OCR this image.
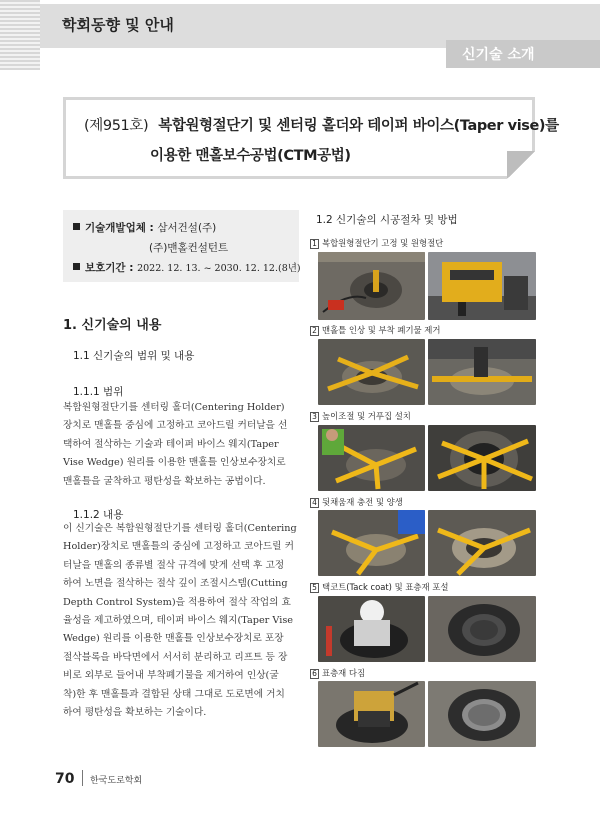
학회동향 및 안내
신기술 소개
(제951호) 복합원형절단기 및 센터링 홀더와 테이퍼 바이스(Taper vise)를
이용한 맨홀보수공법(CTM공법)
기술개발업체 : 삼서건설(주)
(주)맨홀컨설턴트
보호기간 : 2022. 12. 13. ~ 2030. 12. 12.(8년)
1. 신기술의 내용
1.1 신기술의 범위 및 내용
1.1.1 범위
복합원형절단기를 센터링 홀더(Centering Holder)
장치로 맨홀틀 중심에 고정하고 코아드릴 커터날을 선
택하여 절삭하는 기술과 테이퍼 바이스 웨지(Taper
Vise Wedge) 원리를 이용한 맨홀틀 인상보수장치로
맨홀틀을 굴착하고 평탄성을 확보하는 공법이다.
1.1.2 내용
이 신기술은 복합원형절단기를 센터링 홀더(Centering
Holder)장치로 맨홀틀의 중심에 고정하고 코아드릴 커
터날을 맨홀의 종류별 절삭 규격에 맞게 선택 후 고정
하여 노면을 절삭하는 절삭 깊이 조절시스템(Cutting
Depth Control System)을 적용하여 절삭 작업의 효
율성을 제고하였으며, 테이퍼 바이스 웨지(Taper Vise
Wedge) 원리를 이용한 맨홀틀 인상보수장치로 포장
절삭블록을 바닥면에서 서서히 분리하고 리프트 등 장
비로 외부로 들어내 부착폐기물을 제거하여 인상(굴
착)한 후 맨홀틀과 결합된 상태 그대로 도로면에 거치
하여 평탄성을 확보하는 기술이다.
1.2 신기술의 시공절차 및 방법
1 복합원형절단기 고정 및 원형절단
2 맨홀틀 인상 및 부착 폐기물 제거
3 높이조절 및 거푸집 설치
4 뒷채움재 충전 및 양생
5 택코트(Tack coat) 및 표층재 포설
6 표층재 다짐
70 한국도로학회
